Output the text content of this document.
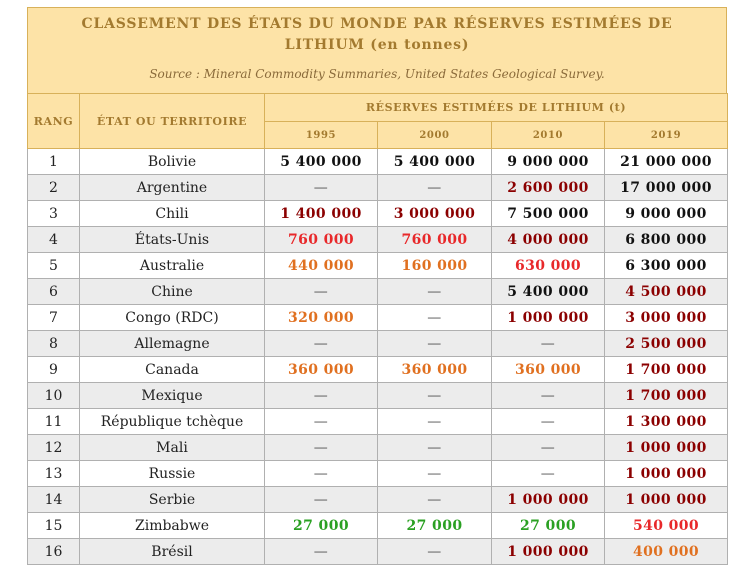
CLASSEMENT DES ÉTATS DU MONDE PAR RÉSERVES ESTIMÉES DE
LITHIUM (en tonnes)
Source : Mineral Commodity Summaries, United States Geological Survey.
RANG	ÉTAT OU TERRITOIRE	RÉSERVES ESTIMÉES DE LITHIUM (t)			
		1995	2000	2010	2019
1	Bolivie	5 400 000	5 400 000	9 000 000	21 000 000
2	Argentine	—	—	2 600 000	17 000 000
3	Chili	1 400 000	3 000 000	7 500 000	9 000 000
4	États-Unis	760 000	760 000	4 000 000	6 800 000
5	Australie	440 000	160 000	630 000	6 300 000
6	Chine	—	—	5 400 000	4 500 000
7	Congo (RDC)	320 000	—	1 000 000	3 000 000
8	Allemagne	—	—	—	2 500 000
9	Canada	360 000	360 000	360 000	1 700 000
10	Mexique	—	—	—	1 700 000
11	République tchèque	—	—	—	1 300 000
12	Mali	—	—	—	1 000 000
13	Russie	—	—	—	1 000 000
14	Serbie	—	—	1 000 000	1 000 000
15	Zimbabwe	27 000	27 000	27 000	540 000
16	Brésil	—	—	1 000 000	400 000
